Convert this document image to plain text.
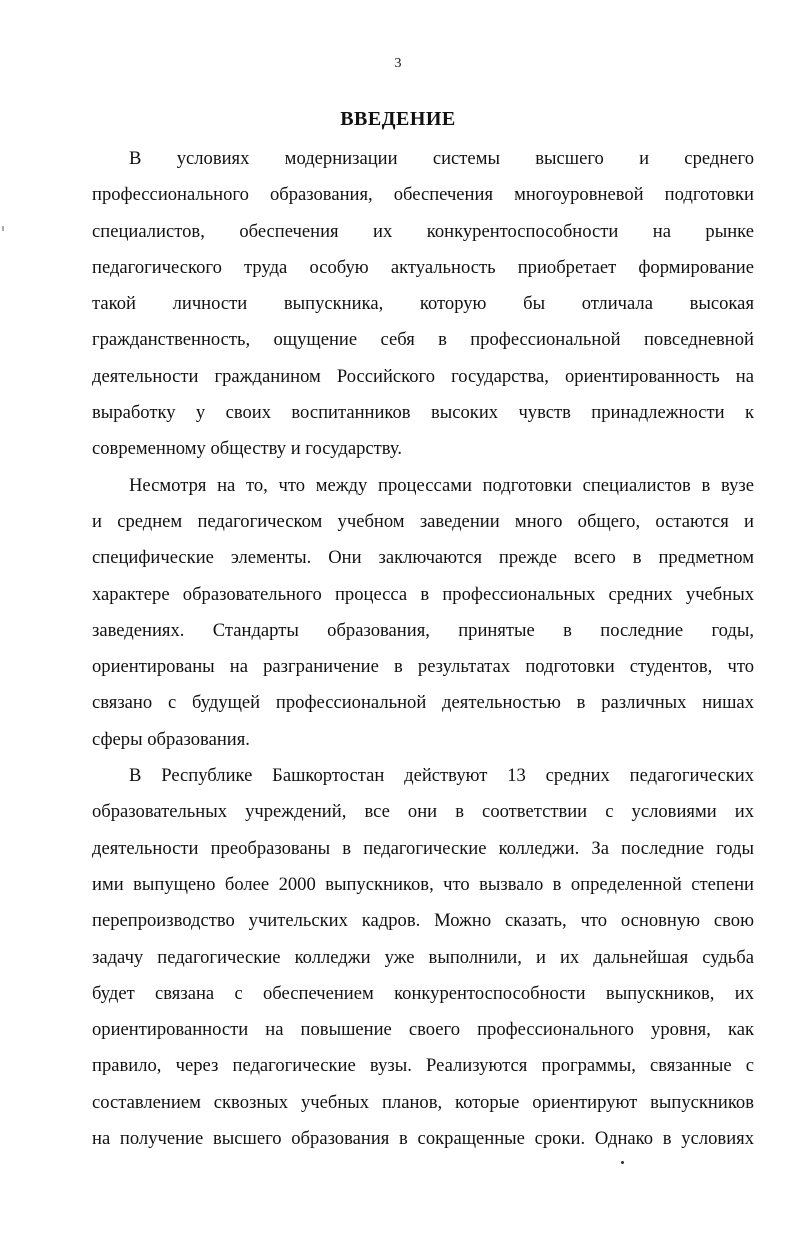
3
ВВЕДЕНИЕ
В условиях модернизации системы высшего и среднего
профессионального образования, обеспечения многоуровневой подготовки
специалистов, обеспечения их конкурентоспособности на рынке
педагогического труда особую актуальность приобретает формирование
такой личности выпускника, которую бы отличала высокая
гражданственность, ощущение себя в профессиональной повседневной
деятельности гражданином Российского государства, ориентированность на
выработку у своих воспитанников высоких чувств принадлежности к
современному обществу и государству.
Несмотря на то, что между процессами подготовки специалистов в вузе
и среднем педагогическом учебном заведении много общего, остаются и
специфические элементы. Они заключаются прежде всего в предметном
характере образовательного процесса в профессиональных средних учебных
заведениях. Стандарты образования, принятые в последние годы,
ориентированы на разграничение в результатах подготовки студентов, что
связано с будущей профессиональной деятельностью в различных нишах
сферы образования.
В Республике Башкортостан действуют 13 средних педагогических
образовательных учреждений, все они в соответствии с условиями их
деятельности преобразованы в педагогические колледжи. За последние годы
ими выпущено более 2000 выпускников, что вызвало в определенной степени
перепроизводство учительских кадров. Можно сказать, что основную свою
задачу педагогические колледжи уже выполнили, и их дальнейшая судьба
будет связана с обеспечением конкурентоспособности выпускников, их
ориентированности на повышение своего профессионального уровня, как
правило, через педагогические вузы. Реализуются программы, связанные с
составлением сквозных учебных планов, которые ориентируют выпускников
на получение высшего образования в сокращенные сроки. Однако в условиях
